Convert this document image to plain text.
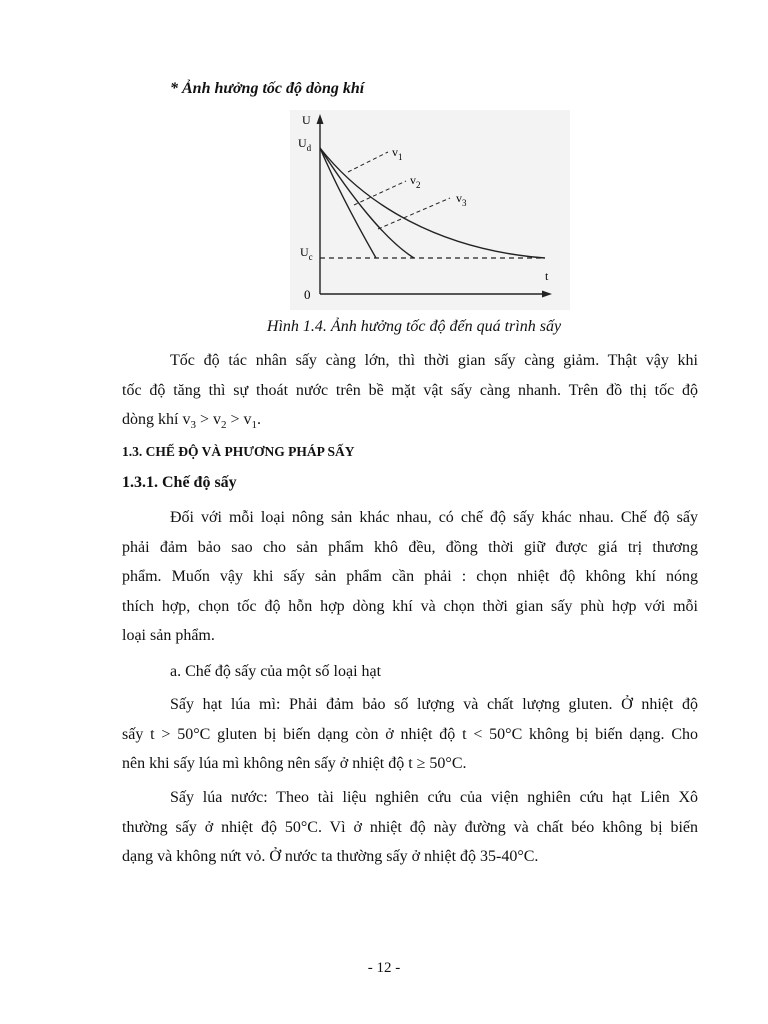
* Ảnh hưởng tốc độ dòng khí
U
$U_d$
$U_c$
t
0
$v_1$
$v_2$
$v_3$
Hình 1.4. Ảnh hưởng tốc độ đến quá trình sấy
Tốc độ tác nhân sấy càng lớn, thì thời gian sấy càng giảm. Thật vậy khi
tốc độ tăng thì sự thoát nước trên bề mặt vật sấy càng nhanh. Trên đồ thị tốc độ
dòng khí $v_3 > v_2 > v_1$.
1.3. CHẾ ĐỘ VÀ PHƯƠNG PHÁP SẤY
1.3.1. Chế độ sấy
Đối với mỗi loại nông sản khác nhau, có chế độ sấy khác nhau. Chế độ sấy
phải đảm bảo sao cho sản phẩm khô đều, đồng thời giữ được giá trị thương
phẩm. Muốn vậy khi sấy sản phẩm cần phải : chọn nhiệt độ không khí nóng
thích hợp, chọn tốc độ hỗn hợp dòng khí và chọn thời gian sấy phù hợp với mỗi
loại sản phẩm.
a. Chế độ sấy của một số loại hạt
Sấy hạt lúa mì: Phải đảm bảo số lượng và chất lượng gluten. Ở nhiệt độ
sấy t > 50°C gluten bị biến dạng còn ở nhiệt độ t < 50°C không bị biến dạng. Cho
nên khi sấy lúa mì không nên sấy ở nhiệt độ t ≥ 50°C.
Sấy lúa nước: Theo tài liệu nghiên cứu của viện nghiên cứu hạt Liên Xô
thường sấy ở nhiệt độ 50°C. Vì ở nhiệt độ này đường và chất béo không bị biến
dạng và không nứt vỏ. Ở nước ta thường sấy ở nhiệt độ 35-40°C.
- 12 -
